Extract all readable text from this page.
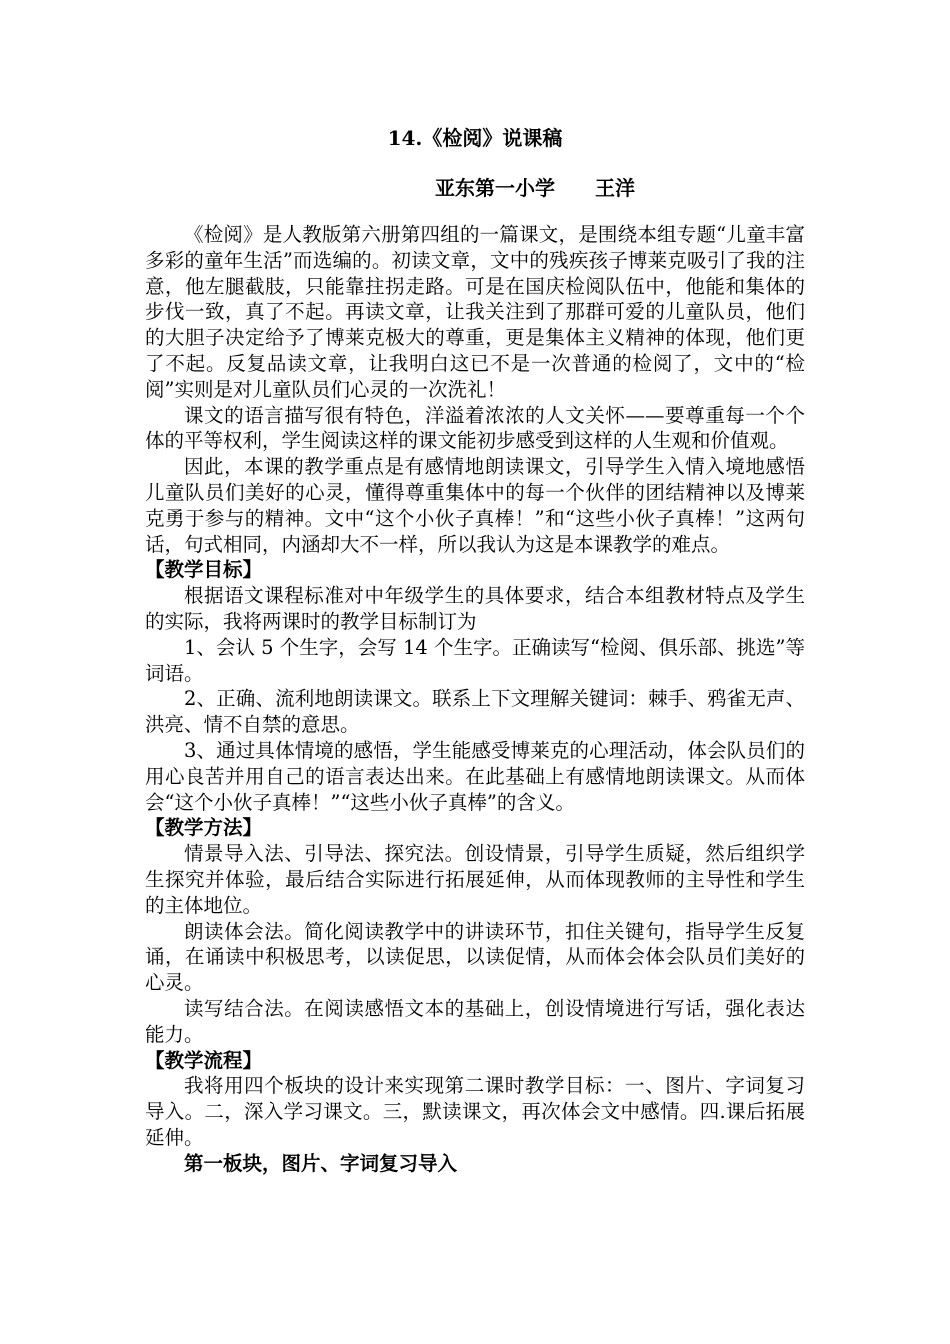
14.《检阅》说课稿
亚东第一小学 王洋

《检阅》是人教版第六册第四组的一篇课文，是围绕本组专题“儿童丰富多彩的童年生活”而选编的。初读文章，文中的残疾孩子博莱克吸引了我的注意，他左腿截肢，只能靠拄拐走路。可是在国庆检阅队伍中，他能和集体的步伐一致，真了不起。再读文章，让我关注到了那群可爱的儿童队员，他们的大胆子决定给予了博莱克极大的尊重，更是集体主义精神的体现，他们更了不起。反复品读文章，让我明白这已不是一次普通的检阅了，文中的“检阅”实则是对儿童队员们心灵的一次洗礼！

课文的语言描写很有特色，洋溢着浓浓的人文关怀——要尊重每一个个体的平等权利，学生阅读这样的课文能初步感受到这样的人生观和价值观。

因此，本课的教学重点是有感情地朗读课文，引导学生入情入境地感悟儿童队员们美好的心灵，懂得尊重集体中的每一个伙伴的团结精神以及博莱克勇于参与的精神。文中“这个小伙子真棒！”和“这些小伙子真棒！”这两句话，句式相同，内涵却大不一样，所以我认为这是本课教学的难点。

【教学目标】

根据语文课程标准对中年级学生的具体要求，结合本组教材特点及学生的实际，我将两课时的教学目标制订为

1、会认 5 个生字，会写 14 个生字。正确读写“检阅、俱乐部、挑选”等词语。

2、正确、流利地朗读课文。联系上下文理解关键词：棘手、鸦雀无声、洪亮、情不自禁的意思。

3、通过具体情境的感悟，学生能感受博莱克的心理活动，体会队员们的用心良苦并用自己的语言表达出来。在此基础上有感情地朗读课文。从而体会“这个小伙子真棒！”“这些小伙子真棒”的含义。

【教学方法】

情景导入法、引导法、探究法。创设情景，引导学生质疑，然后组织学生探究并体验，最后结合实际进行拓展延伸，从而体现教师的主导性和学生的主体地位。

朗读体会法。简化阅读教学中的讲读环节，扣住关键句，指导学生反复诵，在诵读中积极思考，以读促思，以读促情，从而体会体会队员们美好的心灵。

读写结合法。在阅读感悟文本的基础上，创设情境进行写话，强化表达能力。

【教学流程】

我将用四个板块的设计来实现第二课时教学目标：一、图片、字词复习导入。二，深入学习课文。三，默读课文，再次体会文中感情。四.课后拓展延伸。

第一板块，图片、字词复习导入
